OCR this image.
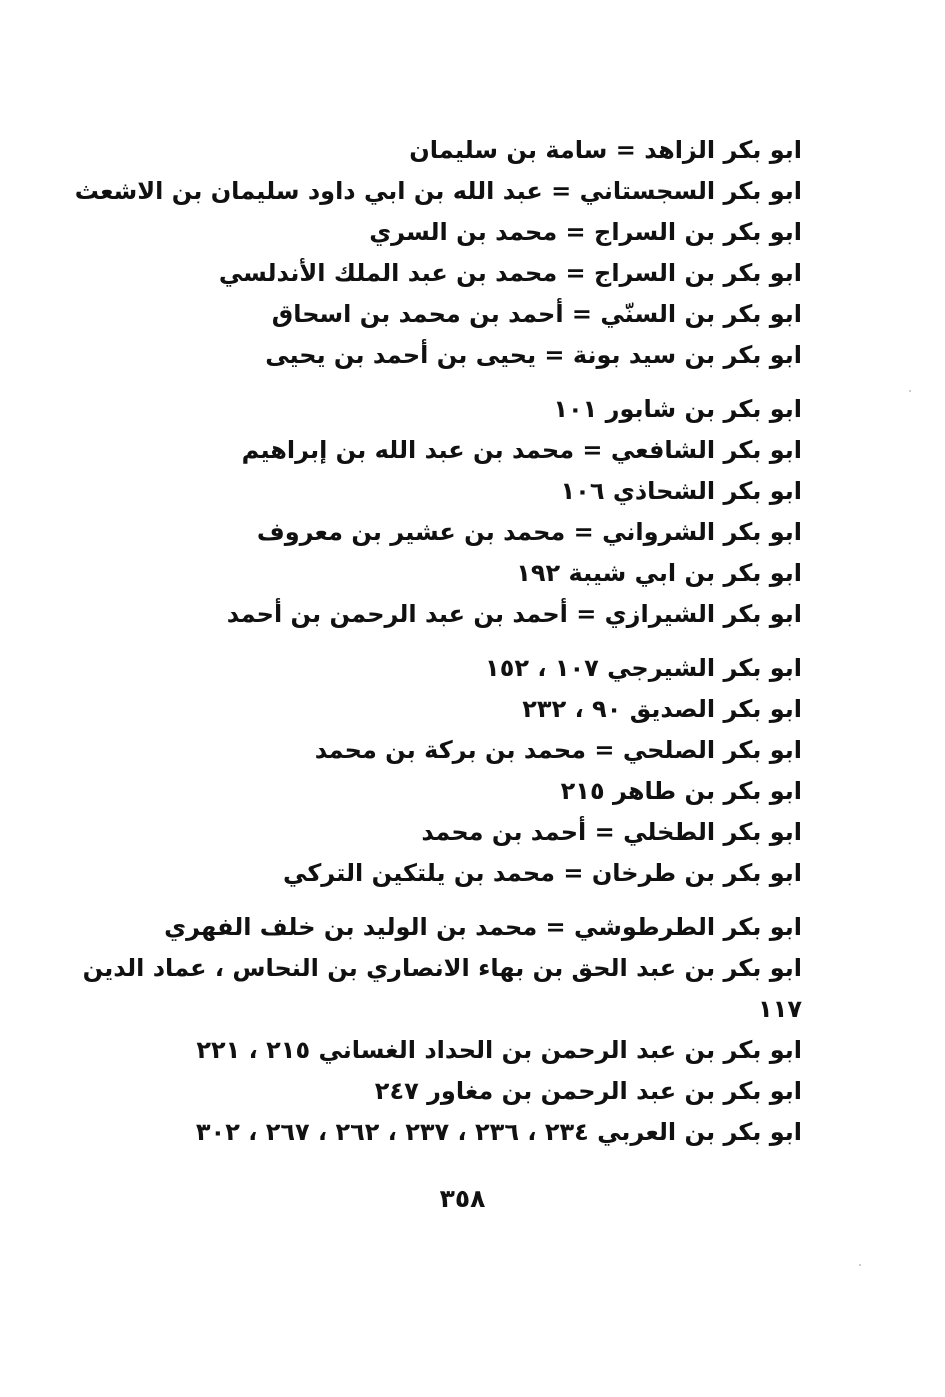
ابو بكر الزاهد = سامة بن سليمان
ابو بكر السجستاني = عبد الله بن ابي داود سليمان بن الاشعث
ابو بكر بن السراج = محمد بن السري
ابو بكر بن السراج = محمد بن عبد الملك الأندلسي
ابو بكر بن السنّي = أحمد بن محمد بن اسحاق
ابو بكر بن سيد بونة = يحيى بن أحمد بن يحيى
ابو بكر بن شابور ١٠١
ابو بكر الشافعي = محمد بن عبد الله بن إبراهيم
ابو بكر الشحاذي ١٠٦
ابو بكر الشرواني = محمد بن عشير بن معروف
ابو بكر بن ابي شيبة ١٩٢
ابو بكر الشيرازي = أحمد بن عبد الرحمن بن أحمد
ابو بكر الشيرجي ١٠٧ ، ١٥٢
ابو بكر الصديق ٩٠ ، ٢٣٢
ابو بكر الصلحي = محمد بن بركة بن محمد
ابو بكر بن طاهر ٢١٥
ابو بكر الطخلي = أحمد بن محمد
ابو بكر بن طرخان = محمد بن يلتكين التركي
ابو بكر الطرطوشي = محمد بن الوليد بن خلف الفهري
ابو بكر بن عبد الحق بن بهاء الانصاري بن النحاس ، عماد الدين
١١٧
ابو بكر بن عبد الرحمن بن الحداد الغساني ٢١٥ ، ٢٢١
ابو بكر بن عبد الرحمن بن مغاور ٢٤٧
ابو بكر بن العربي ٢٣٤ ، ٢٣٦ ، ٢٣٧ ، ٢٦٢ ، ٢٦٧ ، ٣٠٢
٣٥٨
